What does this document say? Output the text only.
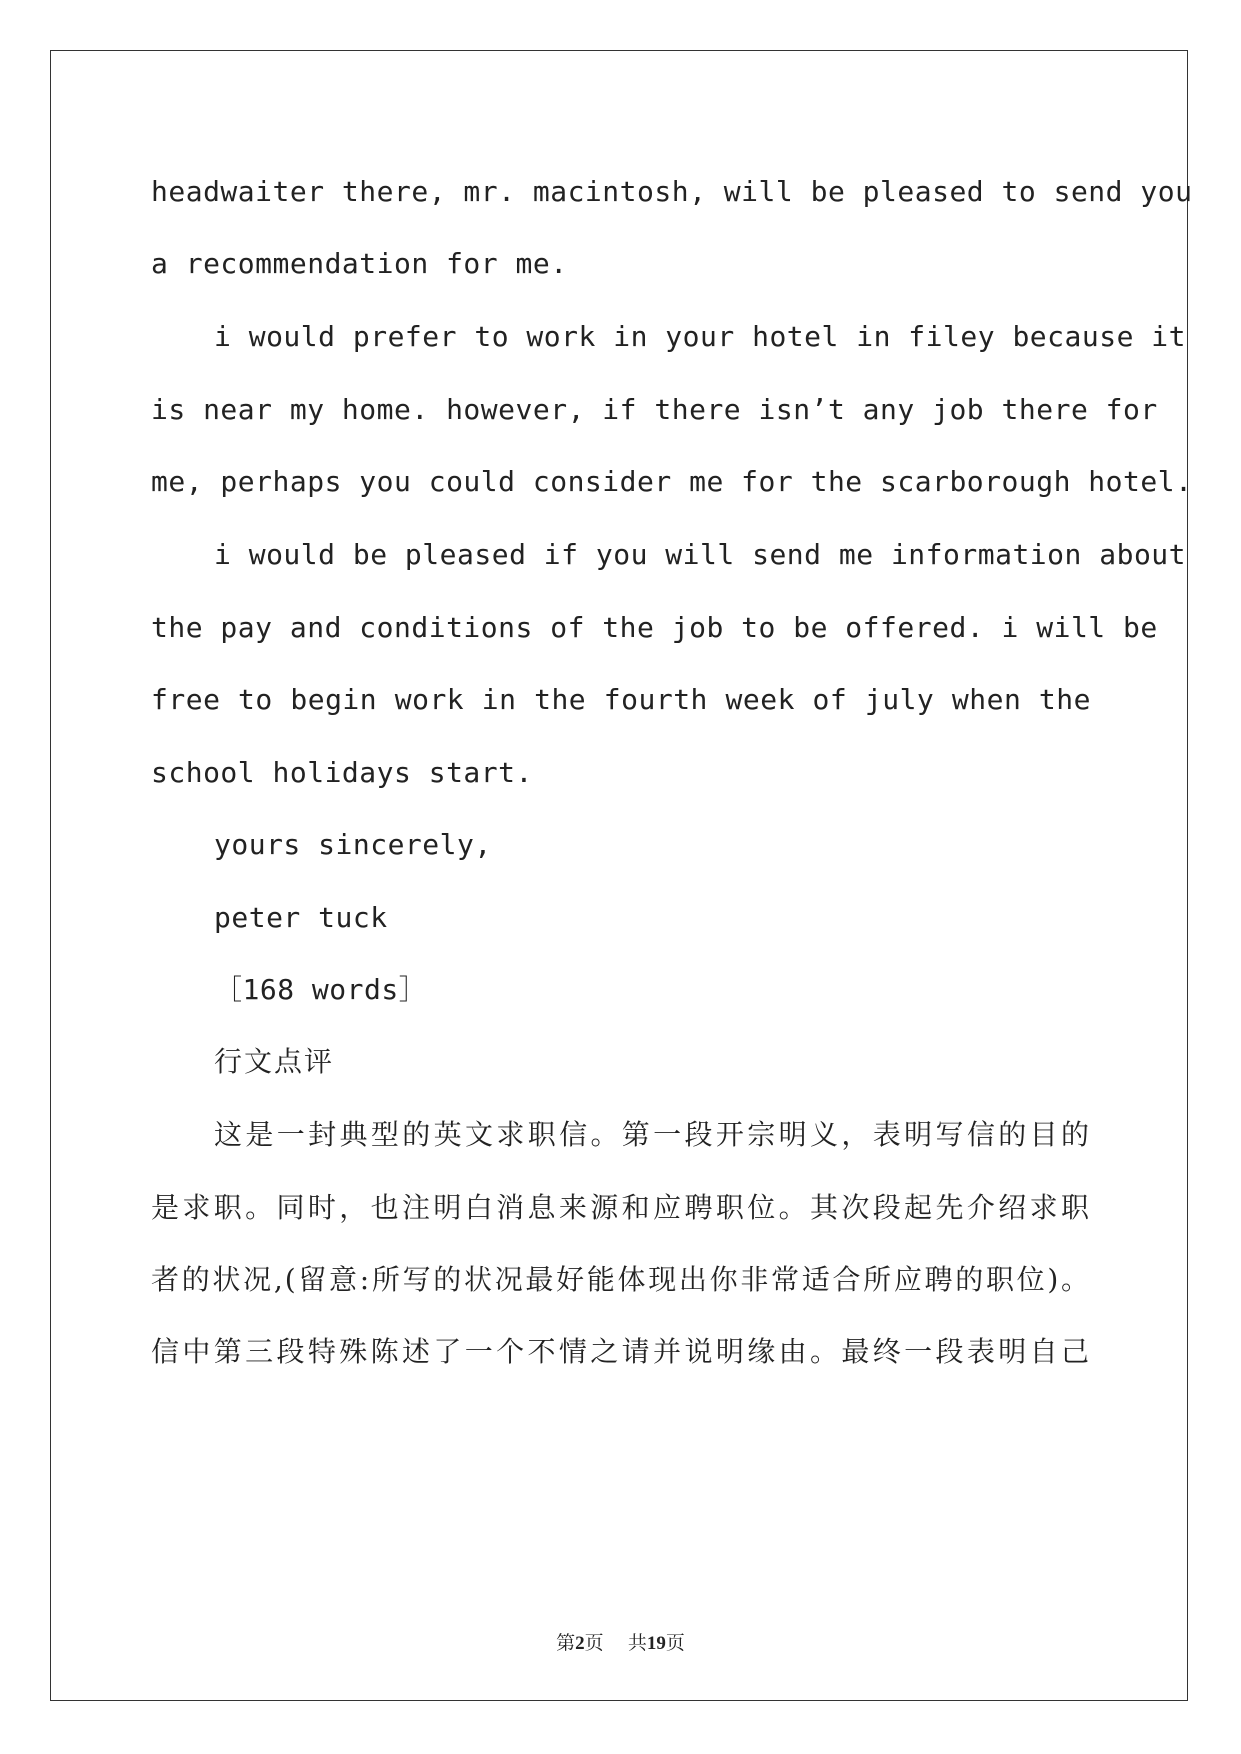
headwaiter there, mr. macintosh, will be pleased to send you
a recommendation for me.
i would prefer to work in your hotel in filey because it
is near my home. however, if there isn’t any job there for
me, perhaps you could consider me for the scarborough hotel.
i would be pleased if you will send me information about
the pay and conditions of the job to be offered. i will be
free to begin work in the fourth week of july when the
school holidays start.
yours sincerely,
peter tuck
［168 words］
行文点评
这是一封典型的英文求职信。第一段开宗明义，表明写信的目的
是求职。同时，也注明白消息来源和应聘职位。其次段起先介绍求职
者的状况,(留意:所写的状况最好能体现出你非常适合所应聘的职位)。
信中第三段特殊陈述了一个不情之请并说明缘由。最终一段表明自己
第2页 共19页
